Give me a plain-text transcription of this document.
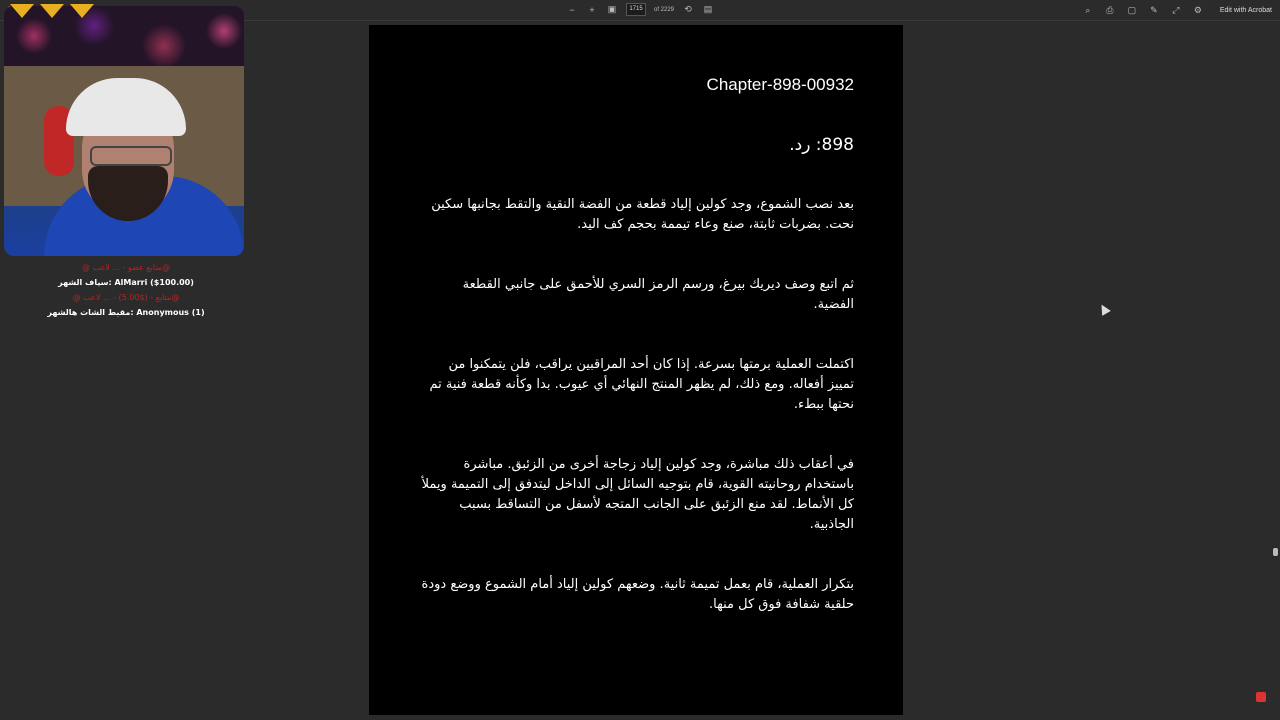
−	+	▣	1715	of 2229 ⟲ ▤	⌕	⎙ ▢ ✎ ⤢ ⚙	Edit with Acrobat
@ متابع عضو - ... لاعب@
سياف الشهر: AlMarri ($100.00)
@ متابع - ($5.00) - ... لاعب@
مقبط الشات هالشهر: Anonymous (1)
Chapter-898-00932
898: رد.
بعد نصب الشموع، وجد كولين إلياد قطعة من الفضة النقية والتقط بجانبها سكين نحت. بضربات ثابتة، صنع وعاء تيممة بحجم كف اليد.
ثم اتبع وصف ديريك بيرغ، ورسم الرمز السري للأحمق على جانبي القطعة الفضية.
اكتملت العملية برمتها بسرعة. إذا كان أحد المراقبين يراقب، فلن يتمكنوا من تمييز أفعاله. ومع ذلك، لم يظهر المنتج النهائي أي عيوب. بدا وكأنه قطعة فنية تم نحتها ببطء.
في أعقاب ذلك مباشرة، وجد كولين إلياد زجاجة أخرى من الزئبق. مباشرة باستخدام روحانيته القوية، قام بتوجيه السائل إلى الداخل ليتدفق إلى التميمة ويملأ كل الأنماط. لقد منع الزئبق على الجانب المتجه لأسفل من التساقط بسبب الجاذبية.
بتكرار العملية، قام بعمل تميمة ثانية. وضعهم كولين إلياد أمام الشموع ووضع دودة حلقية شفافة فوق كل منها.
